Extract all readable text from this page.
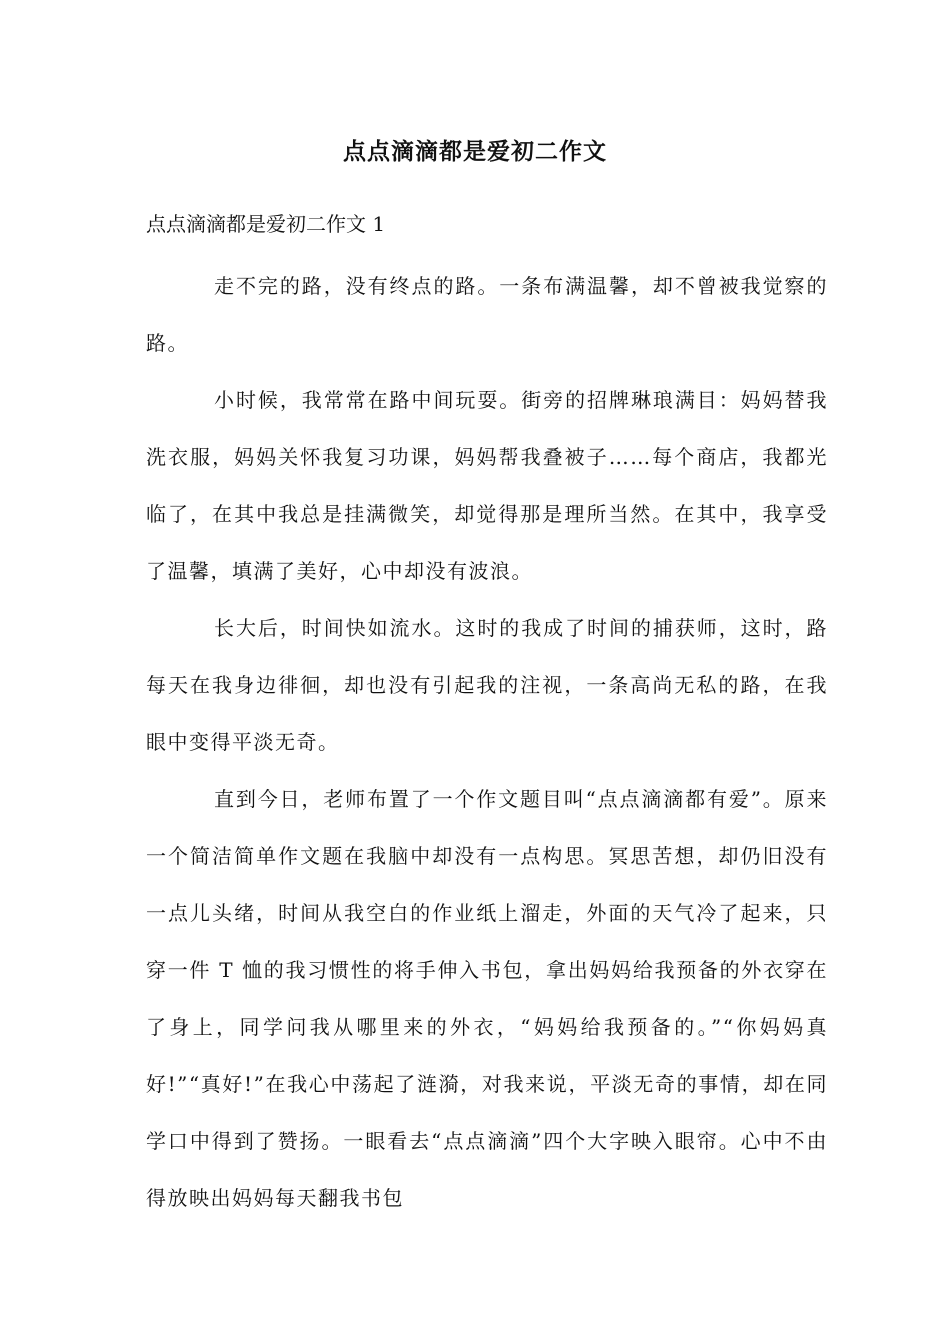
点点滴滴都是爱初二作文

点点滴滴都是爱初二作文 1

走不完的路，没有终点的路。一条布满温馨，却不曾被我觉察的路。

小时候，我常常在路中间玩耍。街旁的招牌琳琅满目：妈妈替我洗衣服，妈妈关怀我复习功课，妈妈帮我叠被子……每个商店，我都光临了，在其中我总是挂满微笑，却觉得那是理所当然。在其中，我享受了温馨，填满了美好，心中却没有波浪。

长大后，时间快如流水。这时的我成了时间的捕获师，这时，路每天在我身边徘徊，却也没有引起我的注视，一条高尚无私的路，在我眼中变得平淡无奇。

直到今日，老师布置了一个作文题目叫“点点滴滴都有爱”。原来一个简洁简单作文题在我脑中却没有一点构思。冥思苦想，却仍旧没有一点儿头绪，时间从我空白的作业纸上溜走，外面的天气冷了起来，只穿一件 T 恤的我习惯性的将手伸入书包，拿出妈妈给我预备的外衣穿在了身上，同学问我从哪里来的外衣，“妈妈给我预备的。”“你妈妈真好!”“真好!”在我心中荡起了涟漪，对我来说，平淡无奇的事情，却在同学口中得到了赞扬。一眼看去“点点滴滴”四个大字映入眼帘。心中不由得放映出妈妈每天翻我书包
